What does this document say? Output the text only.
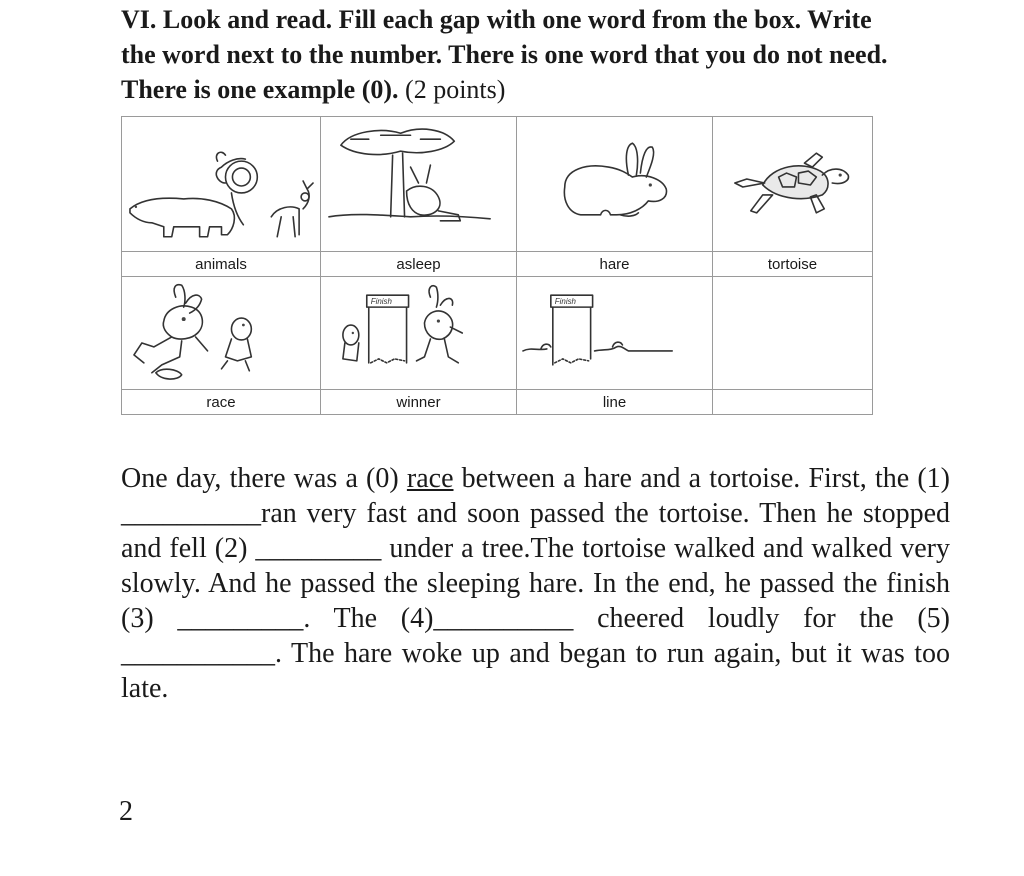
VI. Look and read. Fill each gap with one word from the box. Write the word next to the number. There is one word that you do not need. There is one example (0). (2 points)

animals	asleep	hare	tortoise

Finish	Finish	

race	winner	line	
One day, there was a (0) race between a hare and a tortoise. First, the (1) __________ran very fast and soon passed the tortoise. Then he stopped and fell (2) _________ under a tree.The tortoise walked and walked very slowly. And he passed the sleeping hare. In the end, he passed the finish (3) _________. The (4)__________ cheered loudly for the (5) ___________. The hare woke up and began to run again, but it was too late.
2
